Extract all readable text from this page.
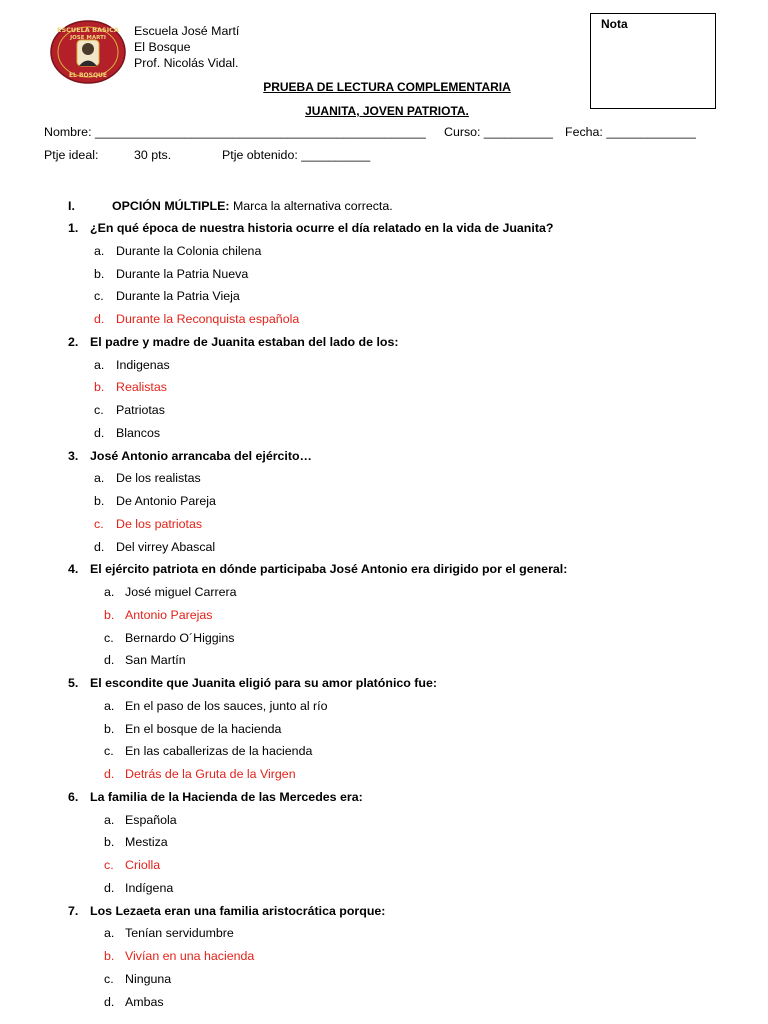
ESCUELA BASICA
JOSE MARTI
EL BOSQUE
Escuela José Martí
El Bosque
Prof. Nicolás Vidal.
Nota
PRUEBA DE LECTURA COMPLEMENTARIA
JUANITA, JOVEN PATRIOTA.
Nombre: ________________________________________________ Curso: __________ Fecha: _____________
Ptje ideal:	30 pts.	Ptje obtenido: __________
I.	OPCIÓN MÚLTIPLE: Marca la alternativa correcta.
1. ¿En qué época de nuestra historia ocurre el día relatado en la vida de Juanita?
a. Durante la Colonia chilena
b. Durante la Patria Nueva
c. Durante la Patria Vieja
d. Durante la Reconquista española
2. El padre y madre de Juanita estaban del lado de los:
a. Indigenas
b. Realistas
c. Patriotas
d. Blancos
3. José Antonio arrancaba del ejército…
a. De los realistas
b. De Antonio Pareja
c. De los patriotas
d. Del virrey Abascal
4. El ejército patriota en dónde participaba José Antonio era dirigido por el general:
a. José miguel Carrera
b. Antonio Parejas
c. Bernardo O´Higgins
d. San Martín
5. El escondite que Juanita eligió para su amor platónico fue:
a. En el paso de los sauces, junto al río
b. En el bosque de la hacienda
c. En las caballerizas de la hacienda
d. Detrás de la Gruta de la Virgen
6. La familia de la Hacienda de las Mercedes era:
a. Española
b. Mestiza
c. Criolla
d. Indígena
7. Los Lezaeta eran una familia aristocrática porque:
a. Tenían servidumbre
b. Vivían en una hacienda
c. Ninguna
d. Ambas
